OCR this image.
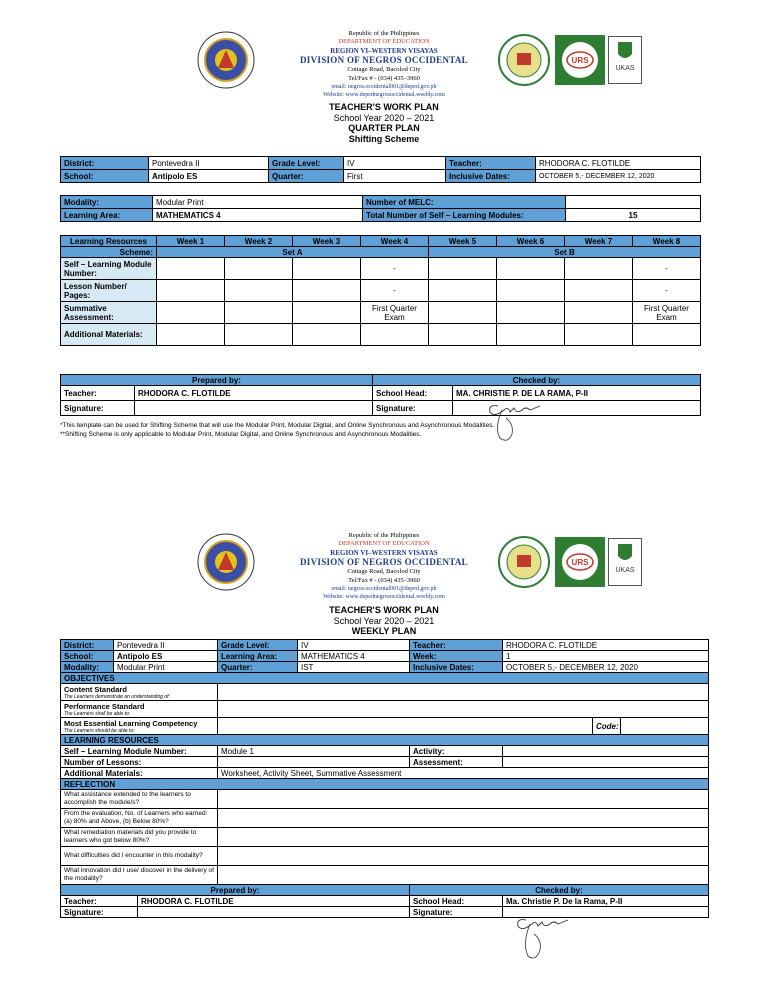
Republic of the Philippines
DEPARTMENT OF EDUCATION
REGION VI–WESTERN VISAYAS
DIVISION OF NEGROS OCCIDENTAL
Cottage Road, Bacolod City
Tel/Fax # - (034) 435–3960
email: negros.occidental001@deped.gov.ph
Website: www.depednegrosoccidental.weebly.com
URS
UKAS
TEACHER'S WORK PLAN
School Year 2020 – 2021
QUARTER PLAN
Shifting Scheme
District:	Pontevedra II	Grade Level:	IV	Teacher:	RHODORA C. FLOTILDE
School:	Antipolo ES	Quarter:	First	Inclusive Dates:	OCTOBER 5,- DECEMBER 12, 2020
Modality:	Modular Print	Number of MELC:	
Learning Area:	MATHEMATICS 4	Total Number of Self – Learning Modules:	15
Learning Resources	Week 1	Week 2	Week 3	Week 4	Week 5	Week 6	Week 7	Week 8
Scheme:	Set A				Set B			
Self – Learning Module Number:				-				-
Lesson Number/ Pages:				-				-
Summative Assessment:				First Quarter Exam				First Quarter Exam
Additional Materials:								
Prepared by:		Checked by:	
Teacher:	RHODORA C. FLOTILDE	School Head:	MA. CHRISTIE P. DE LA RAMA, P-II
Signature:		Signature:	
*This template can be used for Shifting Scheme that will use the Modular Print, Modular Digital, and Online Synchronous and Asynchronous Modalities.
**Shifting Scheme is only applicable to Modular Print, Modular Digital, and Online Synchronous and Asynchronous Modalities.
Republic of the Philippines
DEPARTMENT OF EDUCATION
REGION VI–WESTERN VISAYAS
DIVISION OF NEGROS OCCIDENTAL
Cottage Road, Bacolod City
Tel/Fax # - (034) 435–3960
email: negros.occidental001@deped.gov.ph
Website: www.depednegrosoccidental.weebly.com
URS
UKAS
TEACHER'S WORK PLAN
School Year 2020 – 2021
WEEKLY PLAN
District:	Pontevedra II		Grade Level:	IV	Teacher:	RHODORA C. FLOTILDE		
School:	Antipolo ES		Learning Area:	MATHEMATICS 4	Week:	1		
Modality:	Modular Print		Quarter:	IST	Inclusive Dates:	OCTOBER 5,- DECEMBER 12, 2020		
OBJECTIVES								
Content Standard
The Learners demonstrate an understanding of:								

Performance Standard
The Learners shall be able to:								

Most Essential Learning Competency
The Learners should be able to:							Code:	
LEARNING RESOURCES								
Self – Learning Module Number:			Module 1		Activity:			
Number of Lessons:					Assessment:			
Additional Materials:			Worksheet, Activity Sheet, Summative Assessment					
REFLECTION								
What assistance extended to the learners to accomplish the module/s?								
From the evaluation, No. of Learners who earned: (a) 80% and Above, (b) Below 80%?								
What remediation materials did you provide to learners who got below 80%?								
What difficulties did I encounter in this modality?								
What innovation did I use/ discover in the delivery of the modality?								
Prepared by:					Checked by:			
Teacher:		RHODORA C. FLOTILDE			School Head:	Ma. Christie P. De la Rama, P-II		
Signature:					Signature:			
